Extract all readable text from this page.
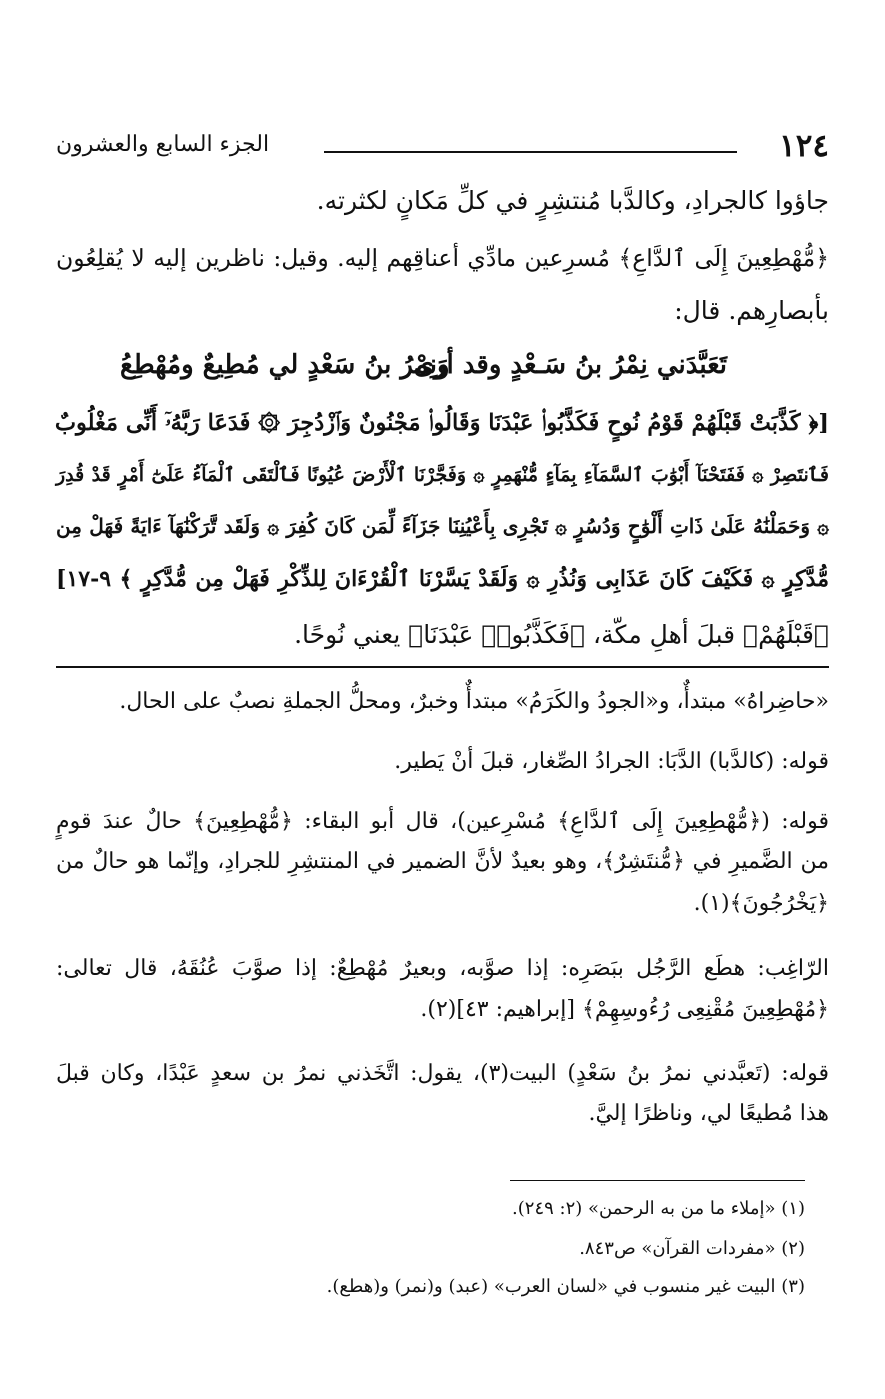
١٢٤
الجزء السابع والعشرون
جاؤوا كالجرادِ، وكالدَّبا مُنتشِرٍ في كلِّ مَكانٍ لكثرته.
﴿مُّهْطِعِينَ إِلَى ٱلدَّاعِ﴾ مُسرِعين مادِّي أعناقِهم إليه. وقيل: ناظرين إليه لا يُقلِعُون
بأبصارِهم. قال:
تَعَبَّدَني نِمْرُ بنُ سَـعْدٍ وقد أرَى
ونِمْرُ بنُ سَعْدٍ لي مُطِيعٌ ومُهْطِعُ
[﴿ كَذَّبَتْ قَبْلَهُمْ قَوْمُ نُوحٍ فَكَذَّبُوا۟ عَبْدَنَا وَقَالُوا۟ مَجْنُونٌ وَٱزْدُجِرَ ۞ فَدَعَا رَبَّهُۥٓ أَنِّى مَغْلُوبٌ
فَٱنتَصِرْ ۞ فَفَتَحْنَآ أَبْوَٰبَ ٱلسَّمَآءِ بِمَآءٍ مُّنْهَمِرٍ ۞ وَفَجَّرْنَا ٱلْأَرْضَ عُيُونًا فَٱلْتَقَى ٱلْمَآءُ عَلَىٰٓ أَمْرٍ قَدْ قُدِرَ
۞ وَحَمَلْنَٰهُ عَلَىٰ ذَاتِ أَلْوَٰحٍ وَدُسُرٍ ۞ تَجْرِى بِأَعْيُنِنَا جَزَآءً لِّمَن كَانَ كُفِرَ ۞ وَلَقَد تَّرَكْنَٰهَآ ءَايَةً فَهَلْ مِن
مُّدَّكِرٍ ۞ فَكَيْفَ كَانَ عَذَابِى وَنُذُرِ ۞ وَلَقَدْ يَسَّرْنَا ٱلْقُرْءَانَ لِلذِّكْرِ فَهَلْ مِن مُّدَّكِرٍ ﴾ ٩-١٧]
﴿قَبْلَهُمْ﴾ قبلَ أهلِ مكّة، ﴿فَكَذَّبُوا۟ عَبْدَنَا﴾ يعني نُوحًا.
«حاضِراهُ» مبتدأٌ، و«الجودُ والكَرَمُ» مبتدأٌ وخبرٌ، ومحلُّ الجملةِ نصبٌ على الحال.
قوله: (كالدَّبا) الدَّبَا: الجرادُ الصِّغار، قبلَ أنْ يَطير.
قوله: (﴿مُّهْطِعِينَ إِلَى ٱلدَّاعِ﴾ مُسْرِعين)، قال أبو البقاء: ﴿مُّهْطِعِينَ﴾ حالٌ عندَ قومٍ
من الضَّميرِ في ﴿مُّنتَشِرٌ﴾، وهو بعيدٌ لأنَّ الضمير في المنتشِرِ للجرادِ، وإنّما هو حالٌ من
﴿يَخْرُجُونَ﴾(١).
الرّاغِب: هطَع الرَّجُل ببَصَرِه: إذا صوَّبه، وبعيرٌ مُهْطِعٌ: إذا صوَّبَ عُنُقَهُ، قال تعالى:
﴿مُهْطِعِينَ مُقْنِعِى رُءُوسِهِمْ﴾ [إبراهيم: ٤٣](٢).
قوله: (تَعبَّدني نمرُ بنُ سَعْدٍ) البيت(٣)، يقول: اتَّخَذني نمرُ بن سعدٍ عَبْدًا، وكان قبلَ
هذا مُطيعًا لي، وناظرًا إليَّ.
(١) «إملاء ما من به الرحمن» (٢: ٢٤٩).
(٢) «مفردات القرآن» ص٨٤٣.
(٣) البيت غير منسوب في «لسان العرب» (عبد) و(نمر) و(هطع).
